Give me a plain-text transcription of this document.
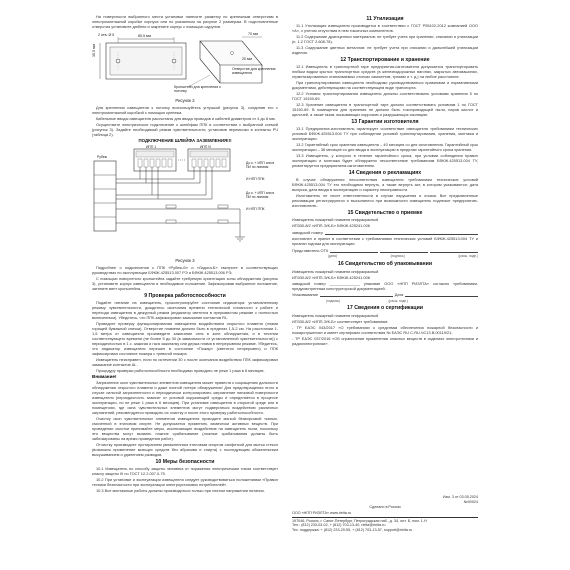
На поверхности выбранного места установки нанесите разметку по крепежным отверстиям в электромонтажной коробке корпуса или по указанным на рисунке 2 размерам. В подготовленные отверстия установите дюбели и закрепите корпус с помощью шурупов.

2 отв. Ø 5	85,5 мм
35,5 мм
70 мм
20 мм
Отверстие для крепления извещателя
Кронштейн для крепления к потолку
Рисунок 2

Для крепления извещателя к потолку воспользуйтесь углушкой (рисунок 3), соединив его с электромонтажной коробкой с помощью крепежа.

Кабельные вводы извещателя рассчитаны для ввода проводов и кабелей диаметром от 4 до 8 мм.

Осуществите электрическое подключение к шлейфам ППК в соответствии с выбранной схемой (рисунок 3). Задайте необходимый режим чувствительности, установив перемычки в контакты РЧ (таблица 2).

ПОДКЛЮЧЕНИЕ ШЛЕЙФА ЗАЗЕМЛЕНИЯ!!!
Рубеж
ИПП 1	ИПП N
До к. + ИПП или в ПИ по линиям
И НПП ППК
До к. + ИПП или в ПИ по линиям
И НПП ППК
Рисунок 3

Подробнее о подключении к ППК «Рубеж-Б» и «Ладога-Б» смотрите в соответствующих руководствах по эксплуатации БФКЖ.425513.007 РЭ и БФКЖ.425513.006 РЭ.

С помощью поворотного кронштейна задайте требуемую ориентацию зоны обнаружения (рисунок 3), установите корпус извещателя в необходимое положение. Зафиксировав выбранное положение, затяните винт кронштейна.

9 Проверка работоспособности

Подайте питание на извещатель, проконтролируйте состояние индикатора: установленному режиму чувствительности, дождитесь окончания времени технической готовности к работе и перехода извещателя в дежурный режим (индикатор светится в прерывистом режиме с полностью включенным). Убедитесь, что ППК зафиксировал замыкание контактов RL.

Проведите проверку функционирования извещателя воздействием открытого пламени (пламя горящей бумажной спички). Отверстие пламени должно быть в пределах 1,5-2 см. На расстоянии 1-1,5 метра от извещателя произведите зажигание огня в зоне обнаружения, и в течении соответствующего времени (не более 5 до 30 (в зависимости от установленной чувствительности)) с периодичностью в 1 с. зажигая и гася зажигалку или держа пламя в непрерывном режиме. Убедитесь, что индикатор извещателя перешел в состояние «Пожар» (светится непрерывно) и ППК зафиксировал состояние пожара с тревогой пожара.

Извещатель неисправен, если по истечении 30 с после окончания воздействия ППК зафиксировал замыкание контактов AL.

Процедуру проверки работоспособности необходимо проводить не реже 1 раза в 6 месяцев.

Внимание!

Загрязнение окон чувствительных элементов извещателя может привести к сокращению дальности обнаружения открытого пламени и даже полной потере обнаружения! Для предотвращения этого в случае сильной загрязненности и периодически контролировать загрязнение линзовой поверхности извещателя (периодичность зависит от условий окружающей среды и определяется в процессе эксплуатации, но не реже 1 раза в 6 месяцев). При установке извещателя в открытой среде или в помещениях, где окна чувствительных элементов могут подвергаться воздействию различных загрязнений, рекомендуется проводить их очистку и после этого проверку работоспособности.

Очистку окон чувствительных элементов извещателя проводите мягкой безворсовой тканью, смоченной в этиловом спирте. Не допускается применять химически активных веществ. При проведении очистки принимайте меры, исключающие воздействие на извещатель пыли, поскольку эти вещества могут вызвать ложное срабатывание (ложные срабатывания должны быть заблокированы на время проведения работ).

Отчистку производите протиранием увлажненным этиловым спиртом салфеткой для мытья стекол (возможно применение моющих средств без абразива и спирта) с последующим обязательным высушиванием и удалением разводов.

10 Меры безопасности

10.1 Извещатель по способу защиты человека от поражения электрическим током соответствует классу защиты III по ГОСТ 12.2.007.0-75.

10.2 При установке и эксплуатации извещателя следует руководствоваться положениями «Правил техники безопасности при эксплуатации электроустановок потребителей».

10.3 Все монтажные работы должны производиться только при снятом напряжении питания.

11 Утилизация

11.1 Утилизация извещателя производится в соответствии с ГОСТ Р55102-2012 компанией ООО «А», с учетом отсутствия в нем токсичных компонентов.

11.2 Содержание драгоценных материалов: не требует учета при хранении, списании и утилизации (п. 1.2 ГОСТ 2.608-78).

11.3 Содержание цветных металлов: не требует учета при списании и дальнейшей утилизации изделия.

12 Транспортирование и хранение

12.1 Извещатель в транспортной таре предприятия-изготовителя допускается транспортировать любым видом крытых транспортных средств (в железнодорожных вагонах, закрытых автомашинах, герметизированных отапливаемых отсеках самолетов, трюмах и т. д.) на любое расстояние.

При транспортировании извещателя необходимо руководствоваться правилами и нормативными документами, действующими на соответствующем виде транспорта.

12.2 Условия транспортирования извещателя должны соответствовать условиям хранения 5 по ГОСТ 15150-69.

12.3 Хранение извещателя в транспортной таре должно соответствовать условиям 1 по ГОСТ 15150-69. В помещении для хранения не должно быть токопроводящей пыли, паров кислот и щелочей, а также газов, вызывающих коррозию и разрушающих изоляцию.

13 Гарантии изготовителя

13.1 Предприятие-изготовитель гарантирует соответствие извещателя требованиям технических условий БФКЖ.425513.004 ТУ при соблюдении условий транспортирования, хранения, монтажа и эксплуатации.

13.2 Гарантийный срок хранения извещателя – 40 месяцев со дня изготовления. Гарантийный срок эксплуатации – 36 месяцев со дня ввода в эксплуатацию в пределах гарантийного срока хранения.

13.3 Извещатель, у которого в течение гарантийного срока, при условии соблюдения правил эксплуатации и монтажа будет обнаружено несоответствие требованиям БФКЖ.425513.004 ТУ, ремонтируется предприятием-изготовителем.

14 Сведения о рекламациях

В случае обнаружения несоответствия извещателя требованиям технических условий БФКЖ.425513.004 ТУ его необходимо вернуть, а также вернуть акт, в котором указываются: дата выпуска, дата ввода в эксплуатацию и характер неисправности.

Изготовитель не несет ответственности в случае нарушения и отказа. Все предъявленные рекламации регистрируются и высылаются при возможности извещатель подлежит предприятию-изготовителю.

15 Свидетельство о приемке

Извещатель пожарный пламени инфракрасный

ИП330-8/2 «ИПП-Э/К-Б» БФКЖ.425241.006

заводской номер

изготовлен и принят в соответствии с требованиями технических условий БФКЖ.425513.004 ТУ и признан годным для эксплуатации.

Представитель ОТК
(дата)	(подпись)	(расш. подп.)
16 Свидетельство об упаковывании

Извещатель пожарный пламени инфракрасный

ИП330-8/2 «ИПП-Э/К-Б» БФКЖ.425241.006

заводской номер ______________ упакован ООО «НПП РИЗЛТА» согласно требованиям, предусмотренным конструкторской документацией.

Упаковывание	Дата
(подпись)	(расш. подп.)
17 Сведения о сертификации

Извещатель пожарный пламени инфракрасный

ИП330-8/2 «ИПП-Э/К-Б» соответствует требованиям:

- ТР ЕАЭС 043/2017 «О требованиях к средствам обеспечения пожарной безопасности и пожаротушения» и имеет сертификат соответствия № ЕАЭС RU С-RU.ЧС13.В.00119/21;

- ТР ЕАЭС 037/2016 «Об ограничении применения опасных веществ в изделиях электротехники и радиоэлектроники».

Изм. 3 от 03.05.2024
№00024
Сделано в России
ООО «НПП РИЗЛТА» www.rielta.ru
197046, Россия, г. Санкт-Петербург, Петроградская наб., д. 34, лит. Б, пом. 1-Н
Тел.: (812) 233-03-02, + (812) 703-13-40, rielta@rielta.ru
Тех. поддержка: + (812) 233-29-55, + (812) 703-13-57, support@rielta.ru
